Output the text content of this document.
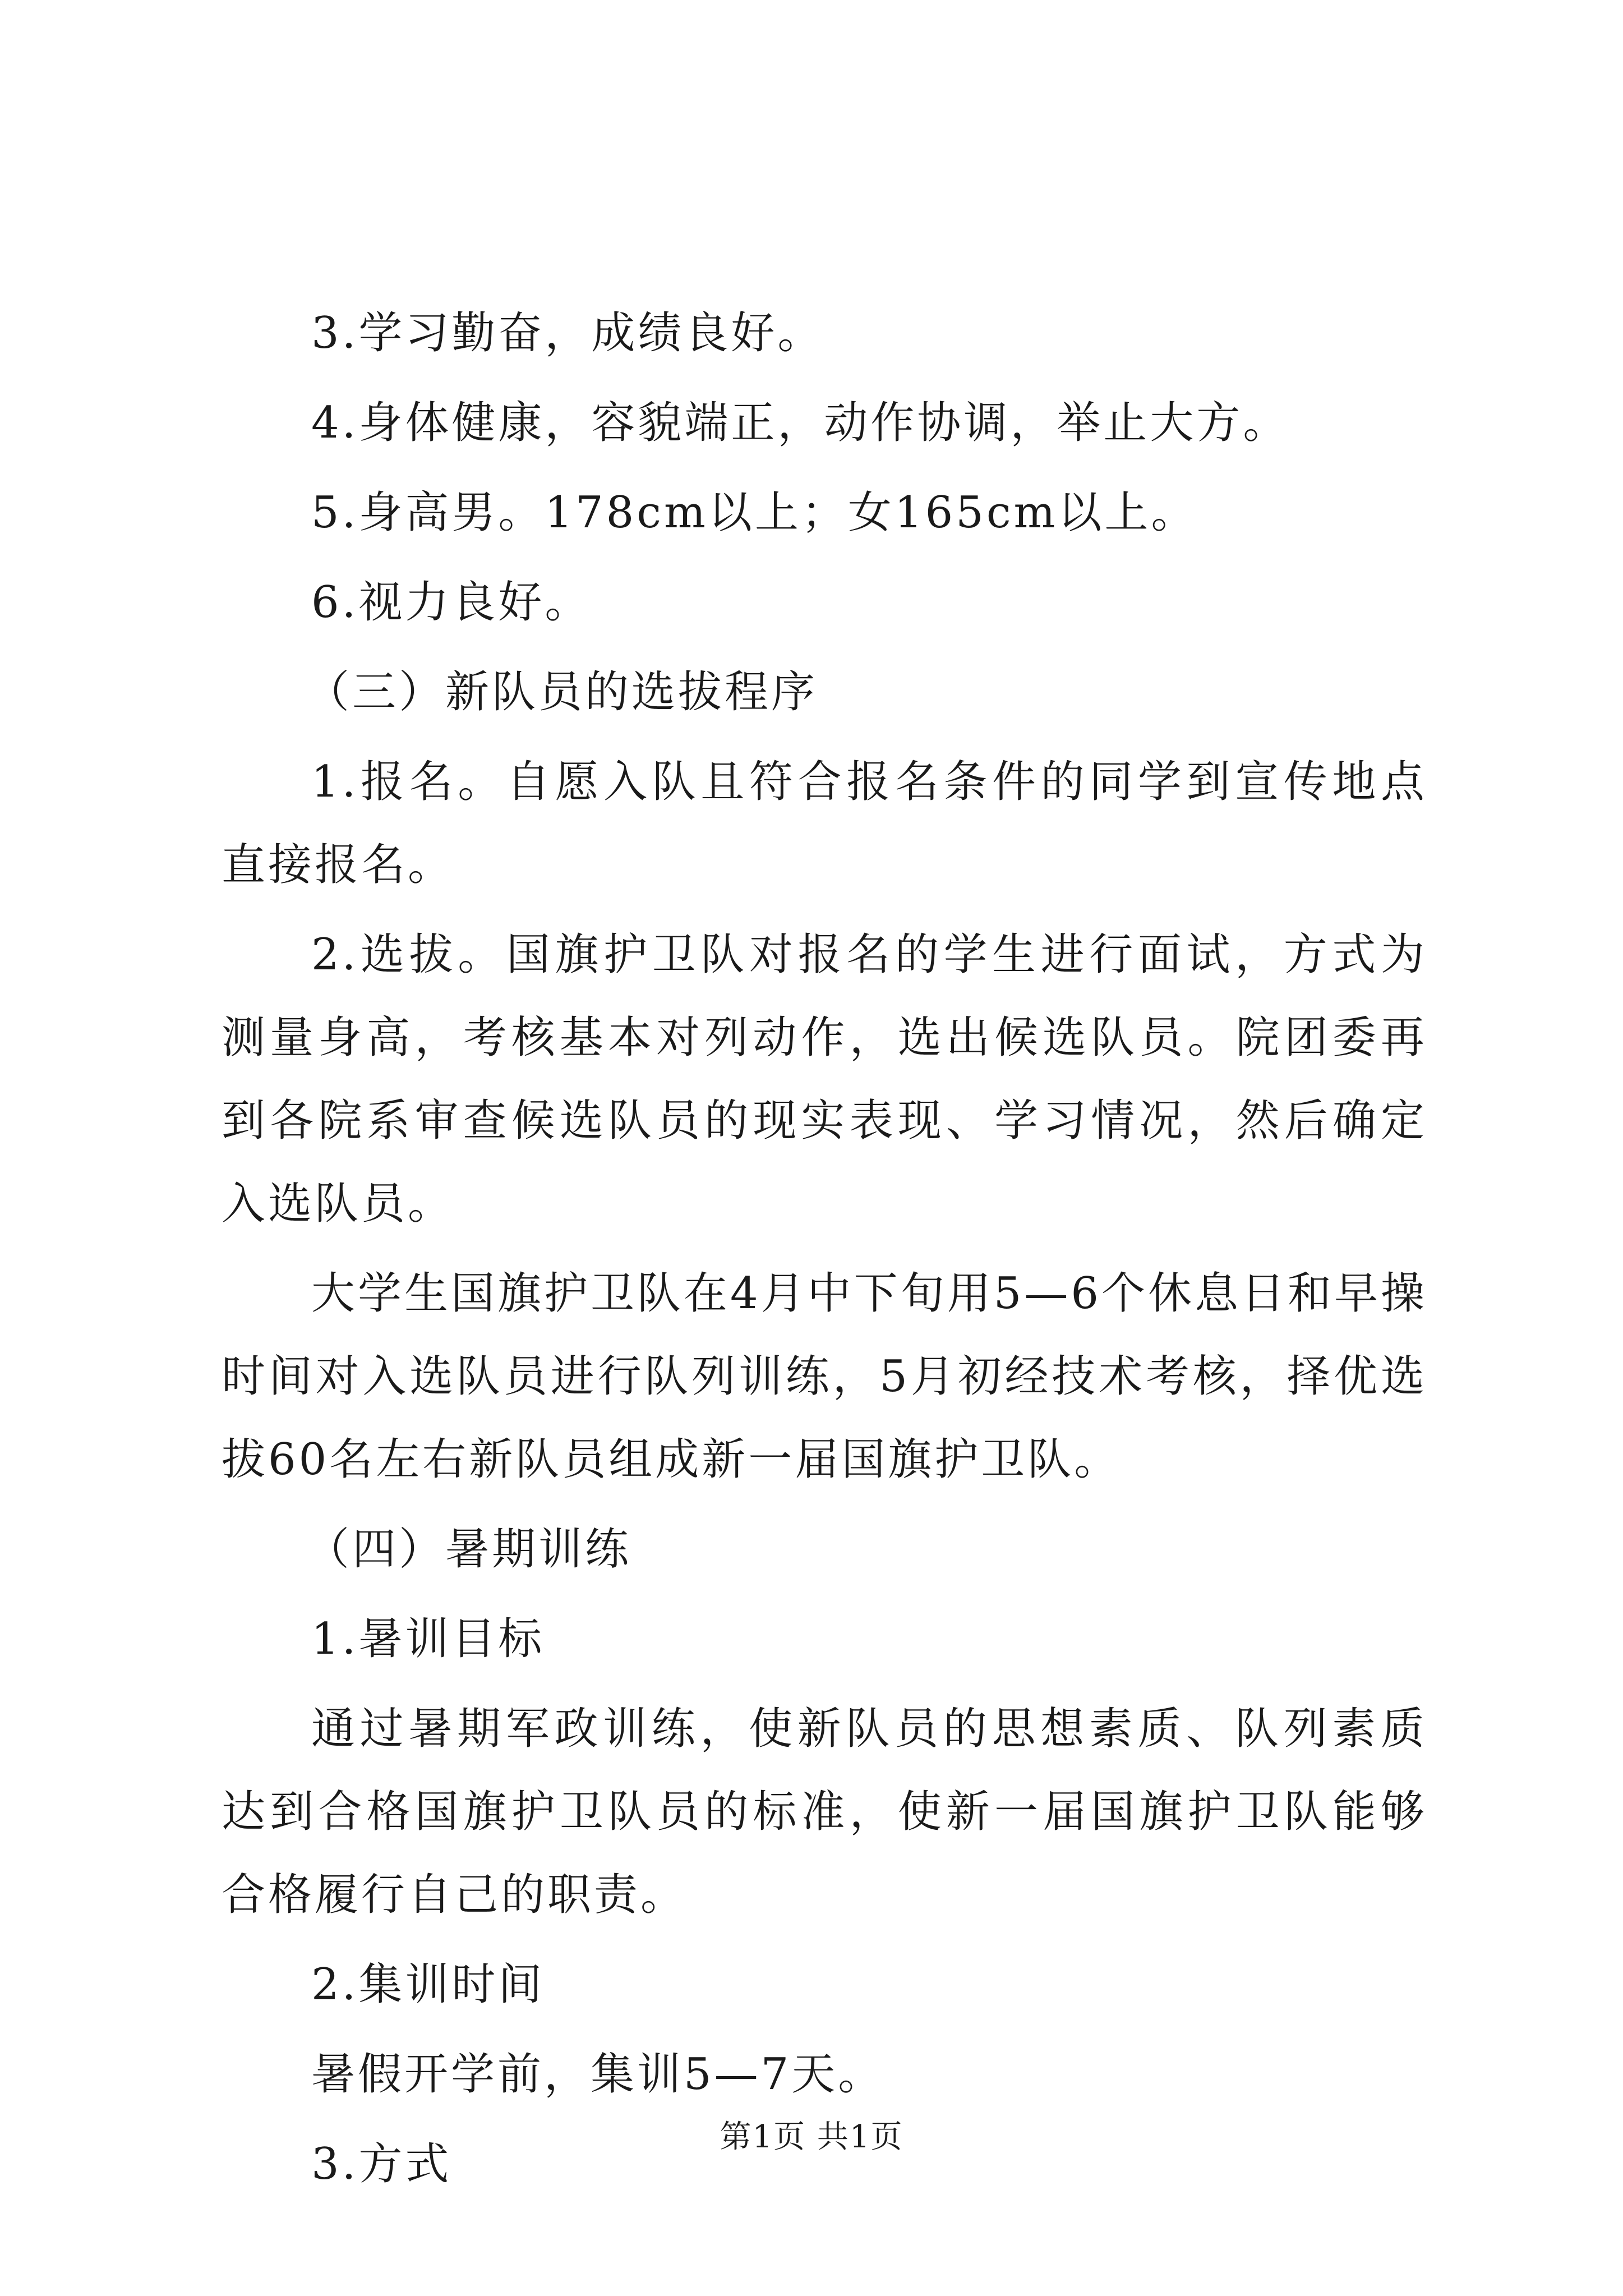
3.学习勤奋，成绩良好。

4.身体健康，容貌端正，动作协调，举止大方。

5.身高男。178cm以上；女165cm以上。

6.视力良好。

（三）新队员的选拔程序

1.报名。自愿入队且符合报名条件的同学到宣传地点直接报名。

2.选拔。国旗护卫队对报名的学生进行面试，方式为测量身高，考核基本对列动作，选出候选队员。院团委再到各院系审查候选队员的现实表现、学习情况，然后确定入选队员。

大学生国旗护卫队在4月中下旬用5—6个休息日和早操时间对入选队员进行队列训练，5月初经技术考核，择优选拔60名左右新队员组成新一届国旗护卫队。

（四）暑期训练

1.暑训目标

通过暑期军政训练，使新队员的思想素质、队列素质达到合格国旗护卫队员的标准，使新一届国旗护卫队能够合格履行自己的职责。

2.集训时间

暑假开学前，集训5—7天。

3.方式

第1页 共1页
